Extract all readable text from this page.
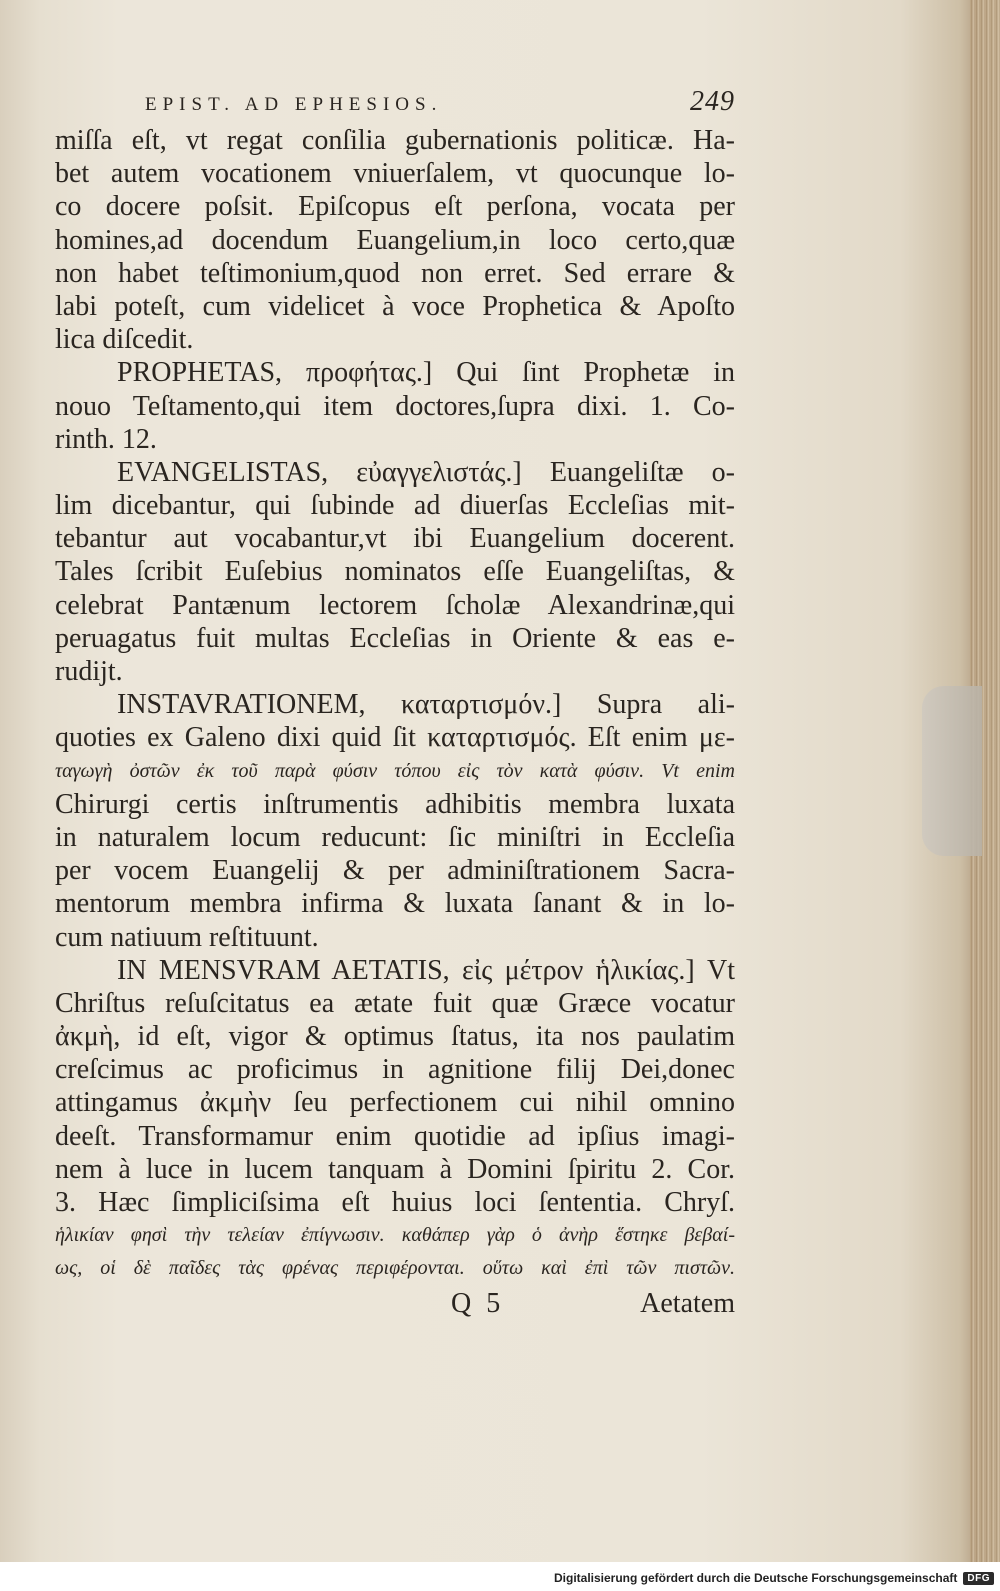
EPIST. AD EPHESIOS.	249
miſſa eſt, vt regat conſilia gubernationis politicæ. Ha-
bet autem vocationem vniuerſalem, vt quocunque lo-
co docere poſsit. Epiſcopus eſt perſona, vocata per
homines,ad docendum Euangelium,in loco certo,quæ
non habet teſtimonium,quod non erret. Sed errare &
labi poteſt, cum videlicet à voce Prophetica & Apoſto
lica diſcedit.
PROPHETAS, προφήτας.] Qui ſint Prophetæ in
nouo Teſtamento,qui item doctores,ſupra dixi. 1. Co-
rinth. 12.
EVANGELISTAS, εὐαγγελιστάς.] Euangeliſtæ o-
lim dicebantur, qui ſubinde ad diuerſas Eccleſias mit-
tebantur aut vocabantur,vt ibi Euangelium docerent.
Tales ſcribit Euſebius nominatos eſſe Euangeliſtas, &
celebrat Pantænum lectorem ſcholæ Alexandrinæ,qui
peruagatus fuit multas Eccleſias in Oriente & eas e-
rudijt.
INSTAVRATIONEM, καταρτισμόν.] Supra ali-
quoties ex Galeno dixi quid ſit καταρτισμός. Eſt enim με-
ταγωγὴ ὀστῶν ἐκ τοῦ παρὰ φύσιν τόπου εἰς τὸν κατὰ φύσιν. Vt enim
Chirurgi certis inſtrumentis adhibitis membra luxata
in naturalem locum reducunt: ſic miniſtri in Eccleſia
per vocem Euangelij & per adminiſtrationem Sacra-
mentorum membra infirma & luxata ſanant & in lo-
cum natiuum reſtituunt.
IN MENSVRAM AETATIS, εἰς μέτρον ἡλικίας.] Vt
Chriſtus reſuſcitatus ea ætate fuit quæ Græce vocatur
ἀκμὴ, id eſt, vigor & optimus ſtatus, ita nos paulatim
creſcimus ac proficimus in agnitione filij Dei,donec
attingamus ἀκμὴν ſeu perfectionem cui nihil omnino
deeſt. Transformamur enim quotidie ad ipſius imagi-
nem à luce in lucem tanquam à Domini ſpiritu 2. Cor.
3. Hæc ſimpliciſsima eſt huius loci ſententia. Chryſ.
ἡλικίαν φησὶ τὴν τελείαν ἐπίγνωσιν. καθάπερ γὰρ ὁ ἀνὴρ ἕστηκε βεβαί-
ως, οἱ δὲ παῖδες τὰς φρένας περιφέρονται. οὕτω καὶ ἐπὶ τῶν πιστῶν.
Q 5	Aetatem
Digitalisierung gefördert durch die Deutsche Forschungsgemeinschaft	DFG
